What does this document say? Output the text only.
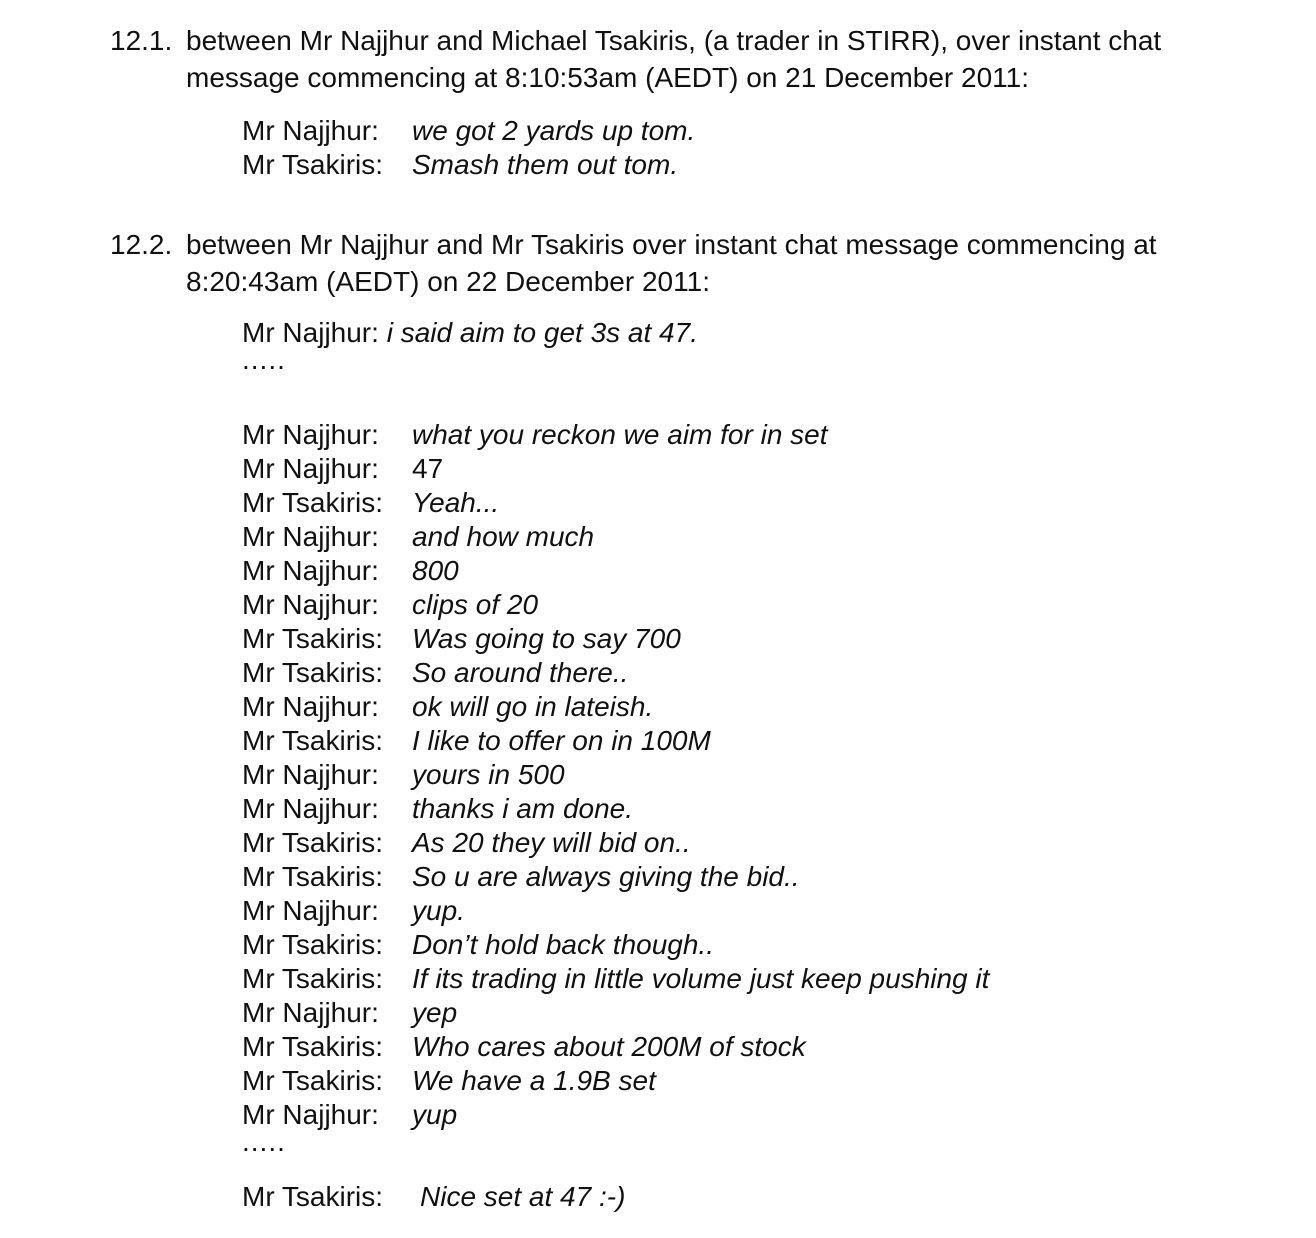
12.1. between Mr Najjhur and Michael Tsakiris, (a trader in STIRR), over instant chat
message commencing at 8:10:53am (AEDT) on 21 December 2011:
Mr Najjhur: we got 2 yards up tom.
Mr Tsakiris: Smash them out tom.
12.2. between Mr Najjhur and Mr Tsakiris over instant chat message commencing at
8:20:43am (AEDT) on 22 December 2011:
Mr Najjhur: i said aim to get 3s at 47.
.....
Mr Najjhur: what you reckon we aim for in set
Mr Najjhur: 47
Mr Tsakiris: Yeah...
Mr Najjhur: and how much
Mr Najjhur: 800
Mr Najjhur: clips of 20
Mr Tsakiris: Was going to say 700
Mr Tsakiris: So around there..
Mr Najjhur: ok will go in lateish.
Mr Tsakiris: I like to offer on in 100M
Mr Najjhur: yours in 500
Mr Najjhur: thanks i am done.
Mr Tsakiris: As 20 they will bid on..
Mr Tsakiris: So u are always giving the bid..
Mr Najjhur: yup.
Mr Tsakiris: Don’t hold back though..
Mr Tsakiris: If its trading in little volume just keep pushing it
Mr Najjhur: yep
Mr Tsakiris: Who cares about 200M of stock
Mr Tsakiris: We have a 1.9B set
Mr Najjhur: yup
.....
Mr Tsakiris: Nice set at 47 :-)
